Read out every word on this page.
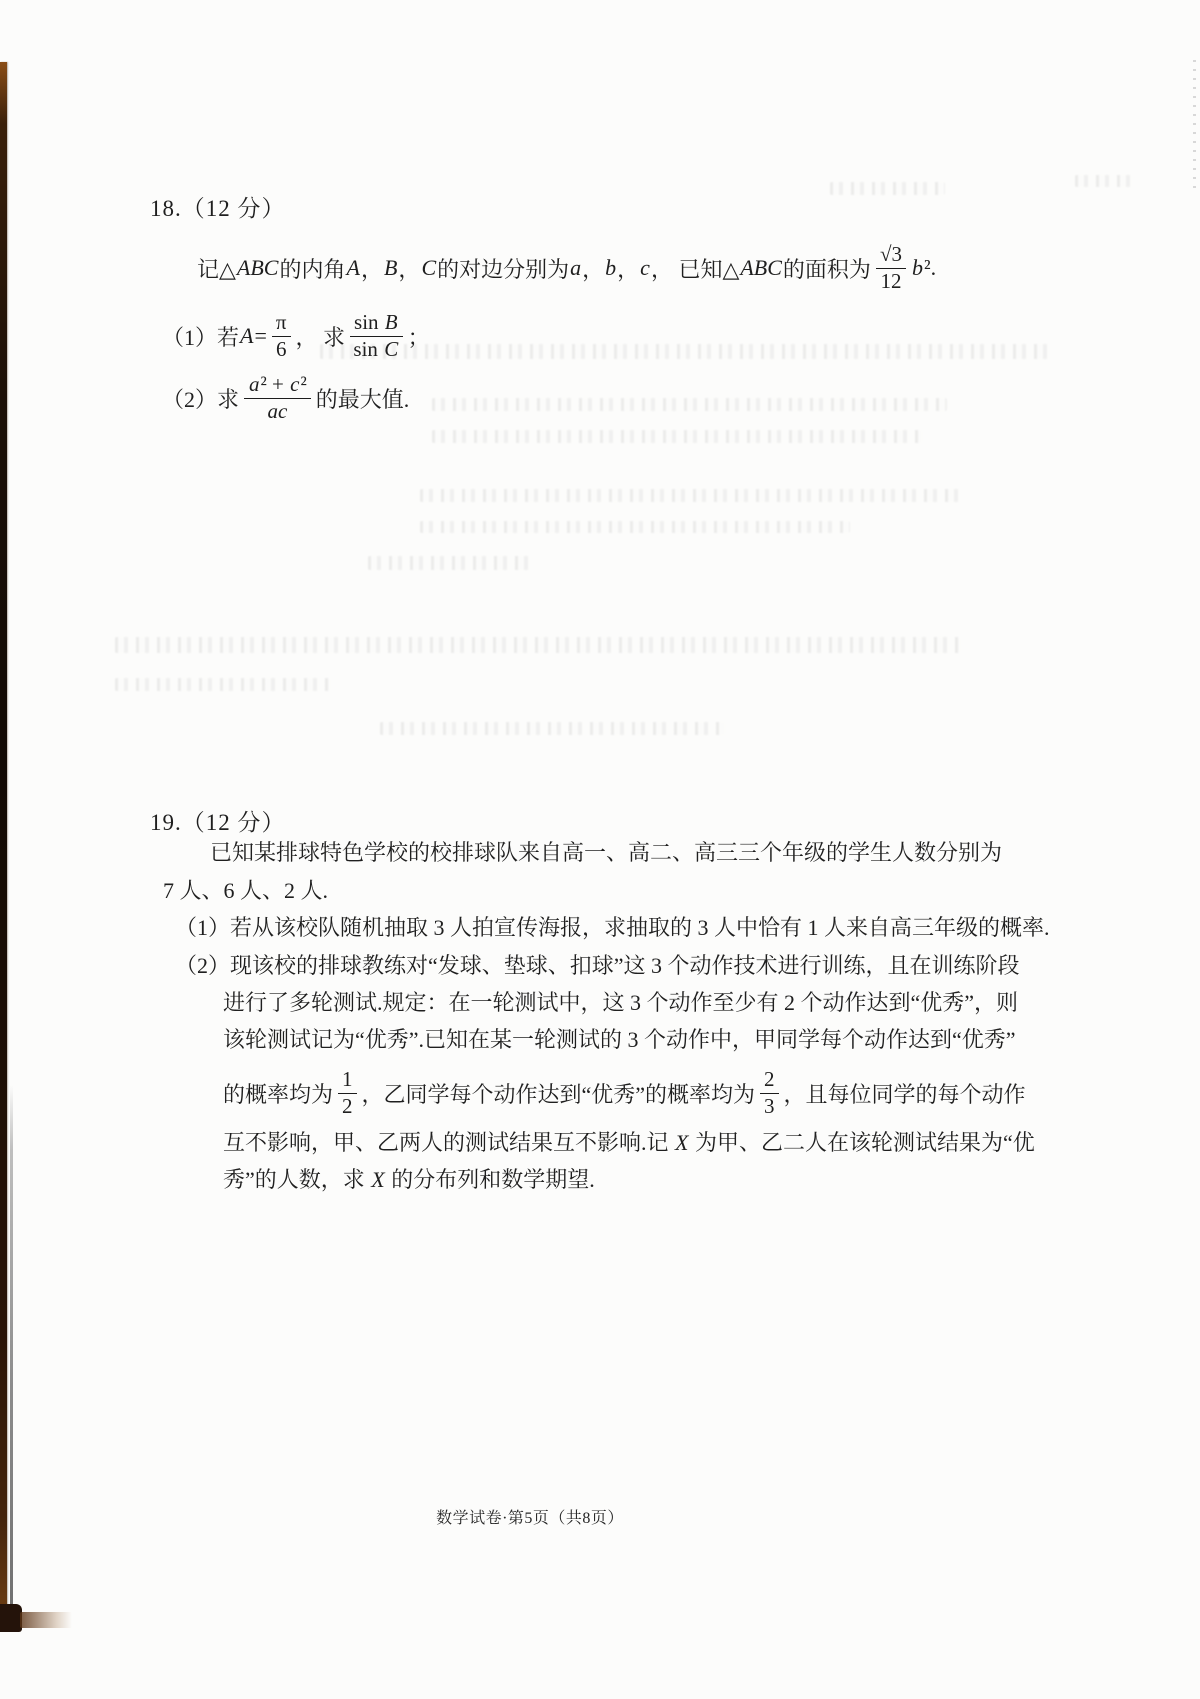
18.（12 分）
记△ ABC 的内角 A ， B ， C 的对边分别为 a ， b ， c ， 已知△ ABC 的面积为 $\frac{√3}{12}$ b ².
（1）若 $A = \frac{\pi}{6}$ ， 求 $\frac{\text{sin B}}{\text{sin C}}$ ；
（2）求 $\frac{\text{a² + c²}}{ac}$ 的最大值.
19.（12 分）
已知某排球特色学校的校排球队来自高一、高二、高三三个年级的学生人数分别为
7 人、6 人、2 人.
（1）若从该校队随机抽取 3 人拍宣传海报，求抽取的 3 人中恰有 1 人来自高三年级的概率.
（2）现该校的排球教练对“发球、垫球、扣球”这 3 个动作技术进行训练，且在训练阶段
进行了多轮测试.规定：在一轮测试中，这 3 个动作至少有 2 个动作达到“优秀”，则
该轮测试记为“优秀”.已知在某一轮测试的 3 个动作中，甲同学每个动作达到“优秀”
的概率均为 $\frac{1}{2}$ ，乙同学每个动作达到“优秀”的概率均为 $\frac{2}{3}$ ，且每位同学的每个动作
互不影响，甲、乙两人的测试结果互不影响.记 X 为甲、乙二人在该轮测试结果为“优
秀”的人数，求 X 的分布列和数学期望.
数学试卷·第5页（共8页）
